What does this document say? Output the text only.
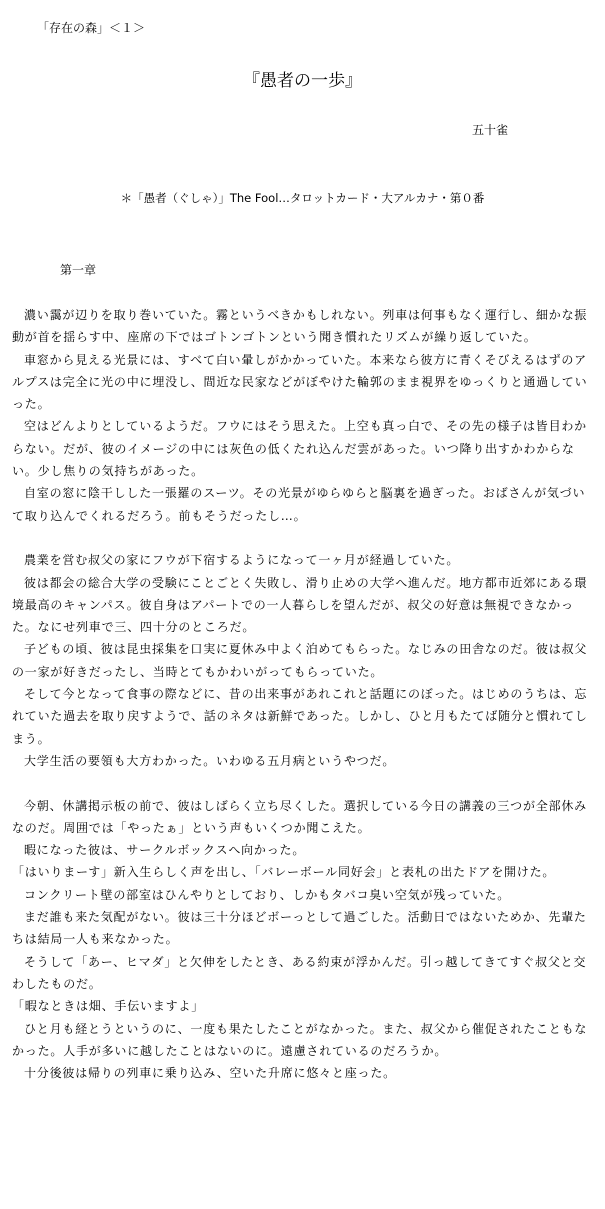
「存在の森」＜１＞
『愚者の一歩』
五十雀
＊「愚者（ぐしゃ）」The Fool…タロットカード・大アルカナ・第０番
第一章

濃い靄が辺りを取り巻いていた。霧というべきかもしれない。列車は何事もなく運行し、細かな振動が首を揺らす中、座席の下ではゴトンゴトンという聞き慣れたリズムが繰り返していた。

車窓から見える光景には、すべて白い暈しがかかっていた。本来なら彼方に青くそびえるはずのアルプスは完全に光の中に埋没し、間近な民家などがぼやけた輪郭のまま視界をゆっくりと通過していった。

空はどんよりとしているようだ。フウにはそう思えた。上空も真っ白で、その先の様子は皆目わからない。だが、彼のイメージの中には灰色の低くたれ込んだ雲があった。いつ降り出すかわからない。少し焦りの気持ちがあった。

自室の窓に陰干しした一張羅のスーツ。その光景がゆらゆらと脳裏を過ぎった。おばさんが気づいて取り込んでくれるだろう。前もそうだったし…。

農業を営む叔父の家にフウが下宿するようになって一ヶ月が経過していた。

彼は都会の総合大学の受験にことごとく失敗し、滑り止めの大学へ進んだ。地方都市近郊にある環境最高のキャンパス。彼自身はアパートでの一人暮らしを望んだが、叔父の好意は無視できなかった。なにせ列車で三、四十分のところだ。

子どもの頃、彼は昆虫採集を口実に夏休み中よく泊めてもらった。なじみの田舎なのだ。彼は叔父の一家が好きだったし、当時とてもかわいがってもらっていた。

そして今となって食事の際などに、昔の出来事があれこれと話題にのぼった。はじめのうちは、忘れていた過去を取り戻すようで、話のネタは新鮮であった。しかし、ひと月もたてば随分と慣れてしまう。

大学生活の要領も大方わかった。いわゆる五月病というやつだ。

今朝、休講掲示板の前で、彼はしばらく立ち尽くした。選択している今日の講義の三つが全部休みなのだ。周囲では「やったぁ」という声もいくつか聞こえた。

暇になった彼は、サークルボックスへ向かった。

「はいりまーす」新入生らしく声を出し、「バレーボール同好会」と表札の出たドアを開けた。

コンクリート壁の部室はひんやりとしており、しかもタバコ臭い空気が残っていた。

まだ誰も来た気配がない。彼は三十分ほどボーっとして過ごした。活動日ではないためか、先輩たちは結局一人も来なかった。

そうして「あー、ヒマダ」と欠伸をしたとき、ある約束が浮かんだ。引っ越してきてすぐ叔父と交わしたものだ。

「暇なときは畑、手伝いますよ」

ひと月も経とうというのに、一度も果たしたことがなかった。また、叔父から催促されたこともなかった。人手が多いに越したことはないのに。遠慮されているのだろうか。

十分後彼は帰りの列車に乗り込み、空いた升席に悠々と座った。
